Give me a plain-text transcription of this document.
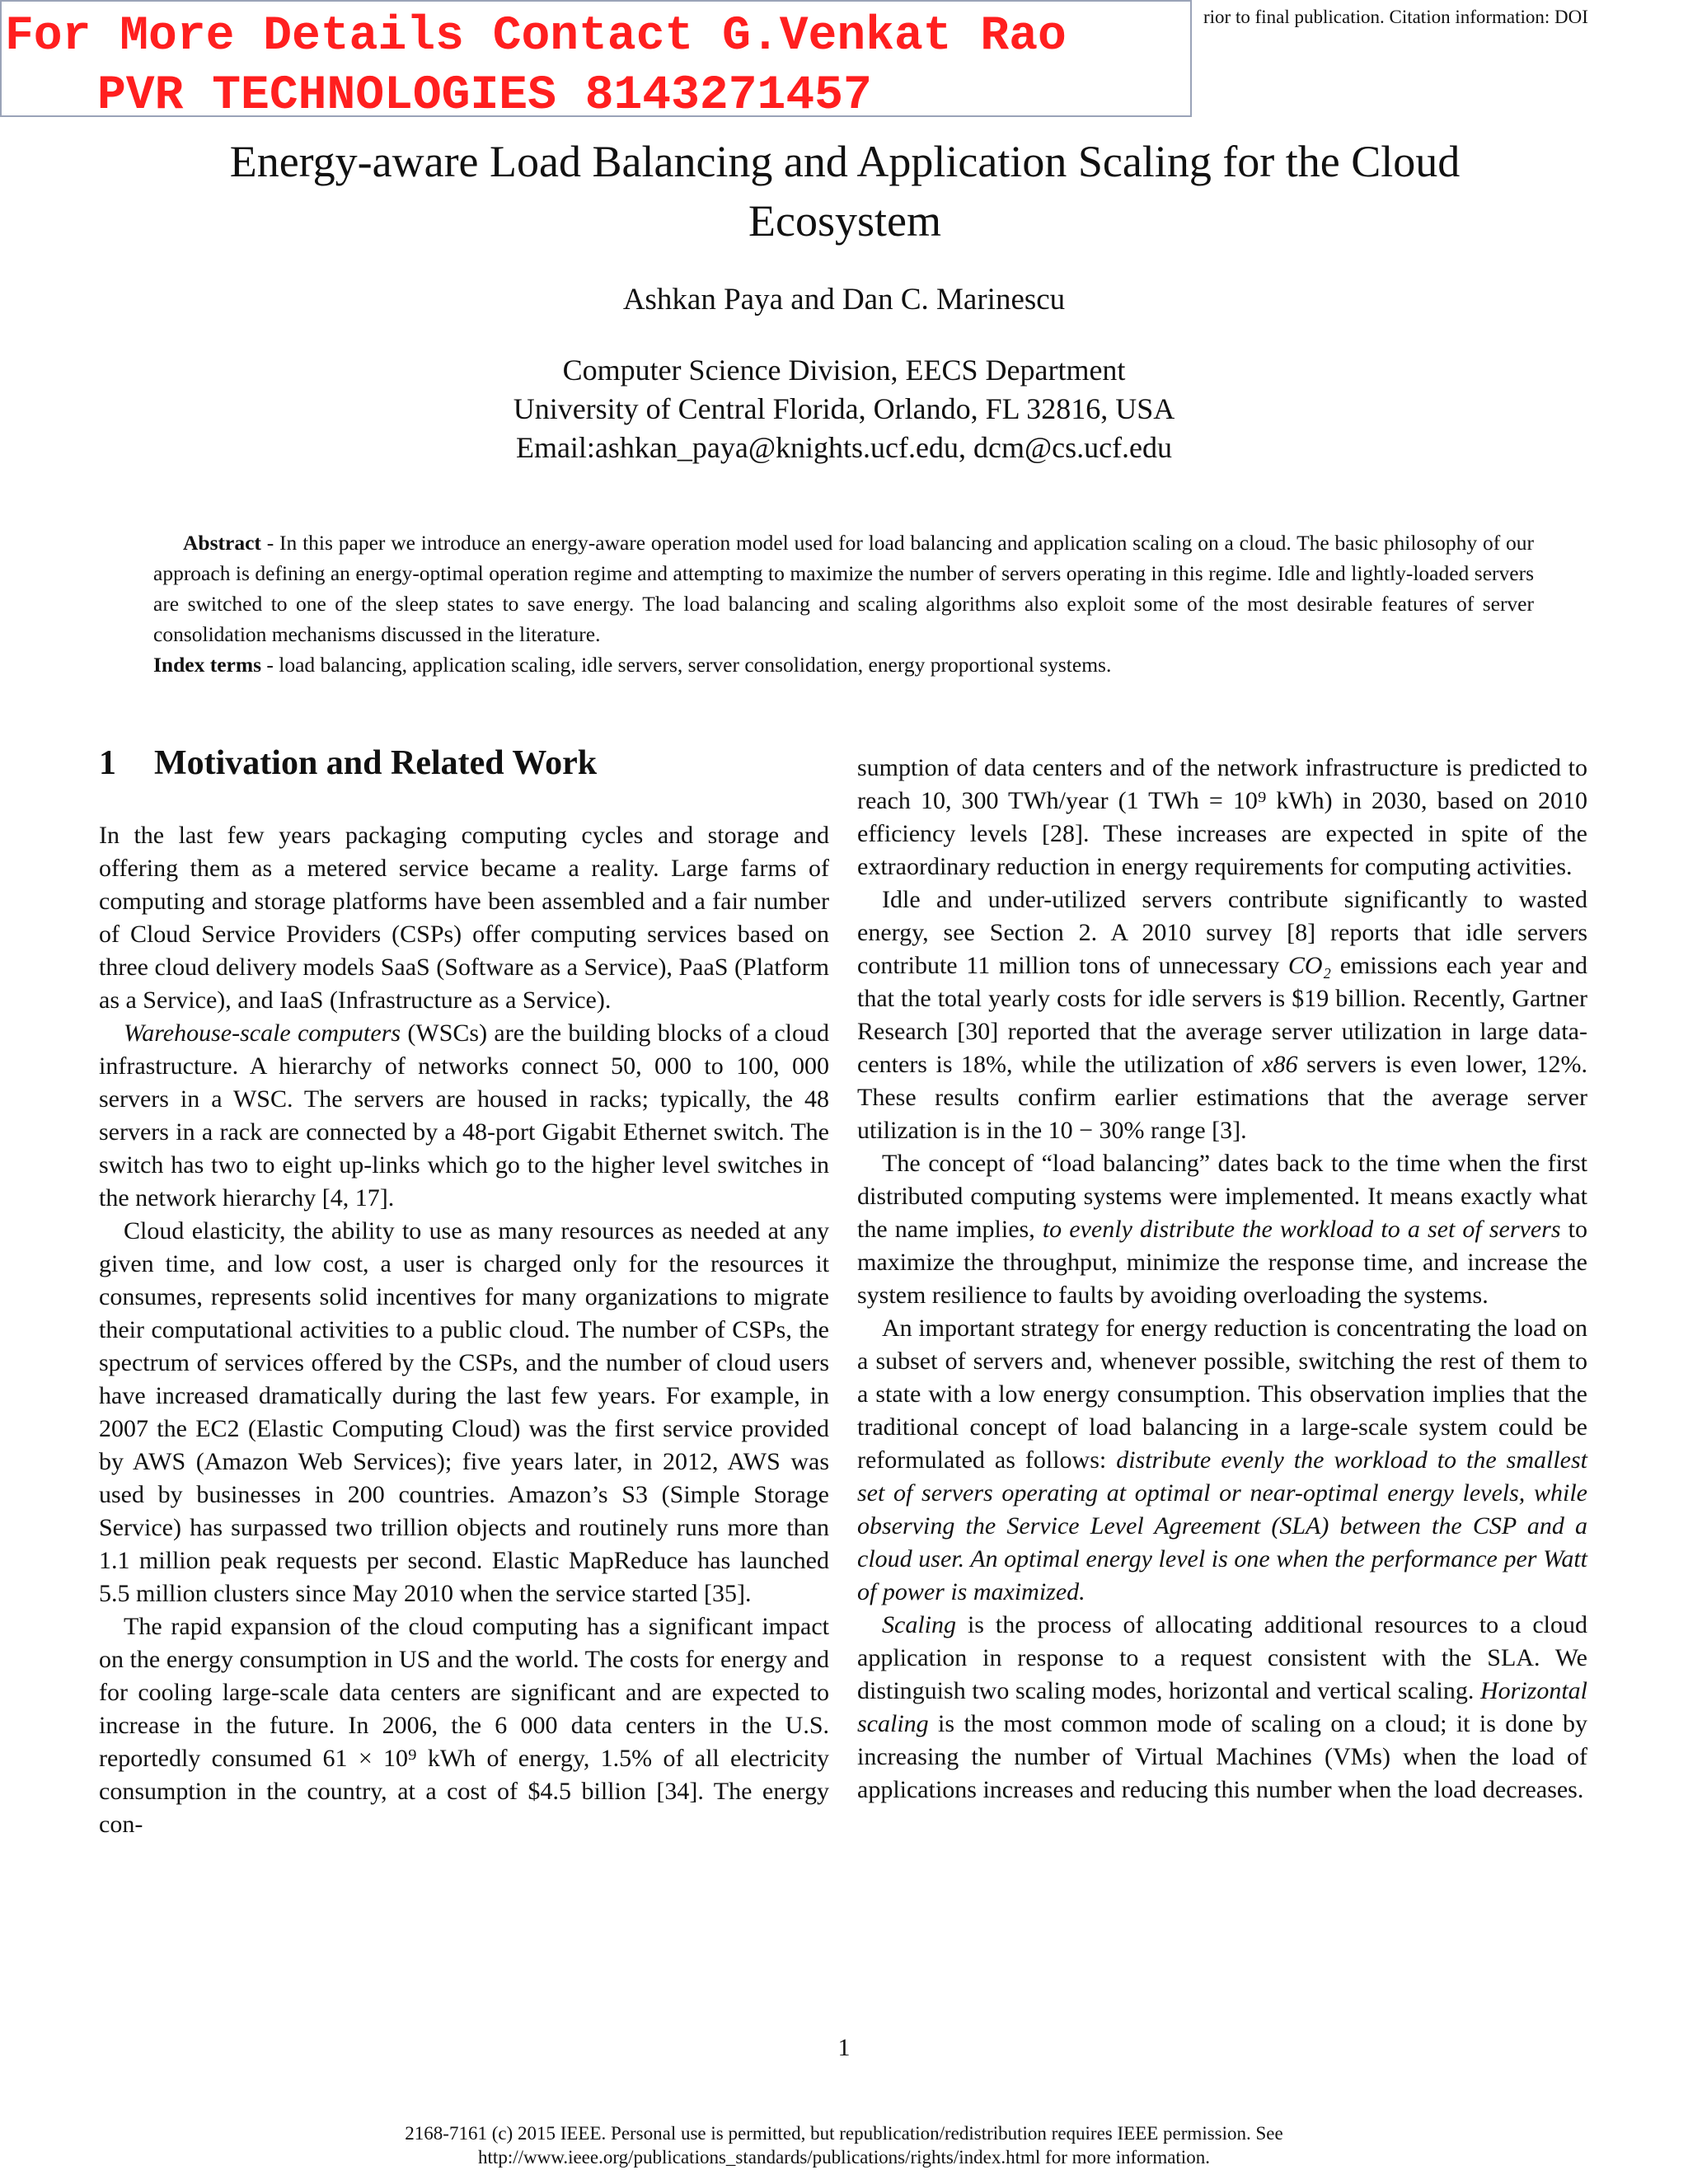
rior to final publication. Citation information: DOI
For More Details Contact G.Venkat Rao
PVR TECHNOLOGIES 8143271457
Energy-aware Load Balancing and Application Scaling for the Cloud Ecosystem
Ashkan Paya and Dan C. Marinescu
Computer Science Division, EECS Department
University of Central Florida, Orlando, FL 32816, USA
Email:ashkan_paya@knights.ucf.edu, dcm@cs.ucf.edu

Abstract - In this paper we introduce an energy-aware operation model used for load balancing and application scaling on a cloud. The basic philosophy of our approach is defining an energy-optimal operation regime and attempting to maximize the number of servers operating in this regime. Idle and lightly-loaded servers are switched to one of the sleep states to save energy. The load balancing and scaling algorithms also exploit some of the most desirable features of server consolidation mechanisms discussed in the literature.

Index terms - load balancing, application scaling, idle servers, server consolidation, energy proportional systems.

1 Motivation and Related Work

In the last few years packaging computing cycles and storage and offering them as a metered service became a reality. Large farms of computing and storage platforms have been assembled and a fair number of Cloud Service Providers (CSPs) offer computing services based on three cloud delivery models SaaS (Software as a Service), PaaS (Platform as a Service), and IaaS (Infrastructure as a Service).

Warehouse-scale computers (WSCs) are the building blocks of a cloud infrastructure. A hierarchy of networks connect 50, 000 to 100, 000 servers in a WSC. The servers are housed in racks; typically, the 48 servers in a rack are connected by a 48-port Gigabit Ethernet switch. The switch has two to eight up-links which go to the higher level switches in the network hierarchy [4, 17].

Cloud elasticity, the ability to use as many resources as needed at any given time, and low cost, a user is charged only for the resources it consumes, represents solid incentives for many organizations to migrate their computational activities to a public cloud. The number of CSPs, the spectrum of services offered by the CSPs, and the number of cloud users have increased dramatically during the last few years. For example, in 2007 the EC2 (Elastic Computing Cloud) was the first service provided by AWS (Amazon Web Services); five years later, in 2012, AWS was used by businesses in 200 countries. Amazon’s S3 (Simple Storage Service) has surpassed two trillion objects and routinely runs more than 1.1 million peak requests per second. Elastic MapReduce has launched 5.5 million clusters since May 2010 when the service started [35].

The rapid expansion of the cloud computing has a significant impact on the energy consumption in US and the world. The costs for energy and for cooling large-scale data centers are significant and are expected to increase in the future. In 2006, the 6 000 data centers in the U.S. reportedly consumed 61 × 10⁹ kWh of energy, 1.5% of all electricity consumption in the country, at a cost of $4.5 billion [34]. The energy con-

sumption of data centers and of the network infrastructure is predicted to reach 10, 300 TWh/year (1 TWh = 10⁹ kWh) in 2030, based on 2010 efficiency levels [28]. These increases are expected in spite of the extraordinary reduction in energy requirements for computing activities.

Idle and under-utilized servers contribute significantly to wasted energy, see Section 2. A 2010 survey [8] reports that idle servers contribute 11 million tons of unnecessary CO₂ emissions each year and that the total yearly costs for idle servers is $19 billion. Recently, Gartner Research [30] reported that the average server utilization in large data-centers is 18%, while the utilization of x86 servers is even lower, 12%. These results confirm earlier estimations that the average server utilization is in the 10 − 30% range [3].

The concept of “load balancing” dates back to the time when the first distributed computing systems were implemented. It means exactly what the name implies, to evenly distribute the workload to a set of servers to maximize the throughput, minimize the response time, and increase the system resilience to faults by avoiding overloading the systems.

An important strategy for energy reduction is concentrating the load on a subset of servers and, whenever possible, switching the rest of them to a state with a low energy consumption. This observation implies that the traditional concept of load balancing in a large-scale system could be reformulated as follows: distribute evenly the workload to the smallest set of servers operating at optimal or near-optimal energy levels, while observing the Service Level Agreement (SLA) between the CSP and a cloud user. An optimal energy level is one when the performance per Watt of power is maximized.

Scaling is the process of allocating additional resources to a cloud application in response to a request consistent with the SLA. We distinguish two scaling modes, horizontal and vertical scaling. Horizontal scaling is the most common mode of scaling on a cloud; it is done by increasing the number of Virtual Machines (VMs) when the load of applications increases and reducing this number when the load decreases.

1
2168-7161 (c) 2015 IEEE. Personal use is permitted, but republication/redistribution requires IEEE permission. See
http://www.ieee.org/publications_standards/publications/rights/index.html for more information.
